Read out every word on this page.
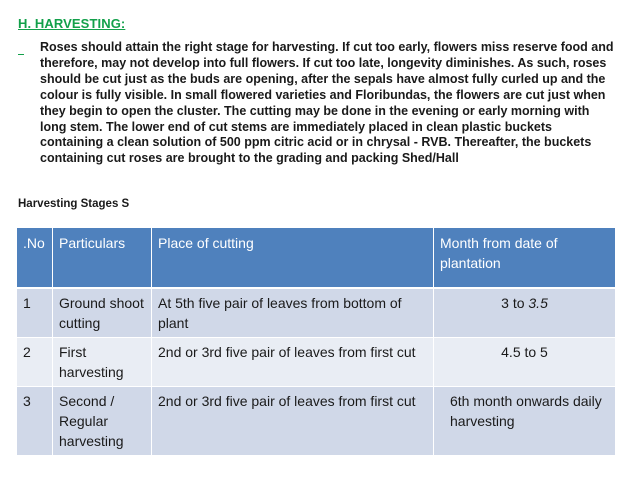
H. HARVESTING:

Roses should attain the right stage for harvesting. If cut too early, flowers miss reserve food and therefore, may not develop into full flowers. If cut too late, longevity diminishes. As such, roses should be cut just as the buds are opening, after the sepals have almost fully curled up and the colour is fully visible. In small flowered varieties and Floribundas, the flowers are cut just when they begin to open the cluster. The cutting may be done in the evening or early morning with long stem. The lower end of cut stems are immediately placed in clean plastic buckets containing a clean solution of 500 ppm citric acid or in chrysal - RVB. Thereafter, the buckets containing cut roses are brought to the grading and packing Shed/Hall

Harvesting Stages S
.No	Particulars	Place of cutting	Month from date of plantation
1	Ground shoot cutting	At 5th five pair of leaves from bottom of plant	3 to 3.5
2	First harvesting	2nd or 3rd five pair of leaves from first cut	4.5 to 5
3	Second / Regular harvesting	2nd or 3rd five pair of leaves from first cut	6th month onwards daily harvesting
